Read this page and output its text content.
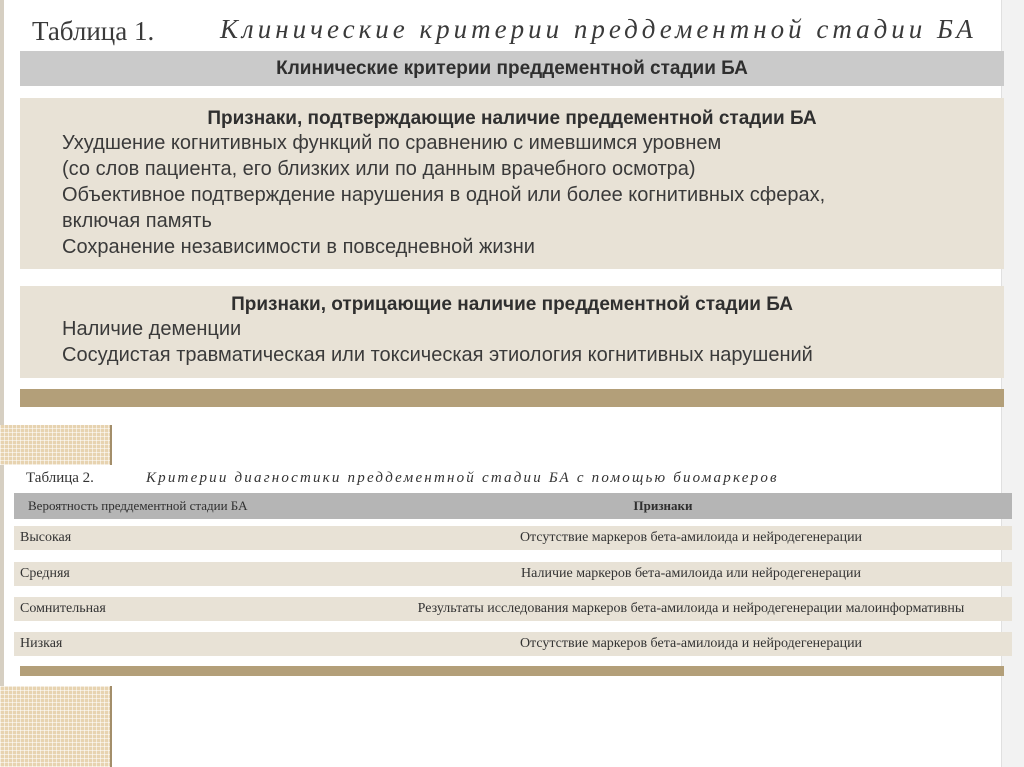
Таблица 1. Клинические критерии преддементной стадии БА
Клинические критерии преддементной стадии БА
Признаки, подтверждающие наличие преддементной стадии БА
Ухудшение когнитивных функций по сравнению с имевшимся уровнем
(со слов пациента, его близких или по данным врачебного осмотра)
Объективное подтверждение нарушения в одной или более когнитивных сферах,
включая память
Сохранение независимости в повседневной жизни
Признаки, отрицающие наличие преддементной стадии БА
Наличие деменции
Сосудистая травматическая или токсическая этиология когнитивных нарушений
Таблица 2.	Критерии диагностики преддементной стадии БА с помощью биомаркеров
Вероятность преддементной стадии БА	Признаки
Высокая	Отсутствие маркеров бета-амилоида и нейродегенерации
Средняя	Наличие маркеров бета-амилоида или нейродегенерации
Сомнительная	Результаты исследования маркеров бета-амилоида и нейродегенерации малоинформативны
Низкая	Отсутствие маркеров бета-амилоида и нейродегенерации
